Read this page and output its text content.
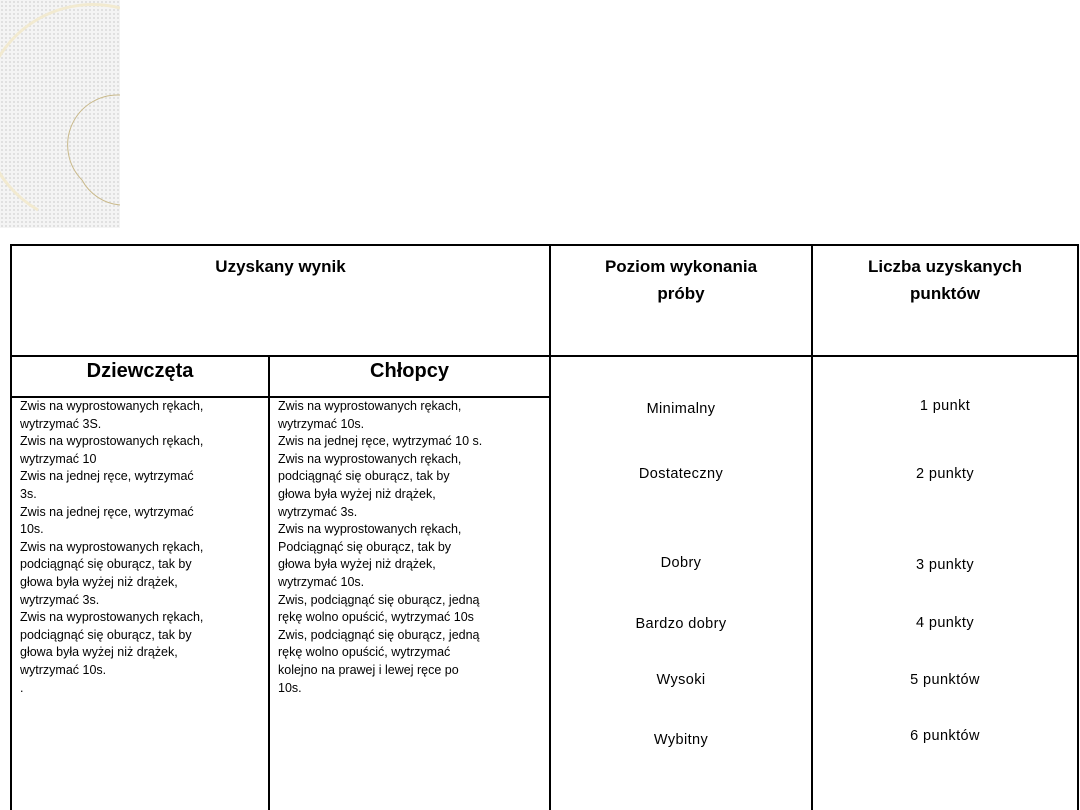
Uzyskany wynik	Poziom wykonania
próby
Liczba uzyskanych
punktów
Dziewczęta	Chłopcy
Zwis na wyprostowanych rękach,
wytrzymać 3S.
Zwis na wyprostowanych rękach,
wytrzymać 10
Zwis na jednej ręce, wytrzymać
3s.
Zwis na jednej ręce, wytrzymać
10s.
Zwis na wyprostowanych rękach,
podciągnąć się oburącz, tak by
głowa była wyżej niż drążek,
wytrzymać 3s.
Zwis na wyprostowanych rękach,
podciągnąć się oburącz, tak by
głowa była wyżej niż drążek,
wytrzymać 10s.
.
Zwis na wyprostowanych rękach,
wytrzymać 10s.
Zwis na jednej ręce, wytrzymać 10 s.
Zwis na wyprostowanych rękach,
podciągnąć się oburącz, tak by
głowa była wyżej niż drążek,
wytrzymać 3s.
Zwis na wyprostowanych rękach,
Podciągnąć się oburącz, tak by
głowa była wyżej niż drążek,
wytrzymać 10s.
Zwis, podciągnąć się oburącz, jedną
rękę wolno opuścić, wytrzymać 10s
Zwis, podciągnąć się oburącz, jedną
rękę wolno opuścić, wytrzymać
kolejno na prawej i lewej ręce po
10s.
Minimalny
Dostateczny
Dobry
Bardzo dobry
Wysoki
Wybitny
1 punkt
2 punkty
3 punkty
4 punkty
5 punktów
6 punktów
